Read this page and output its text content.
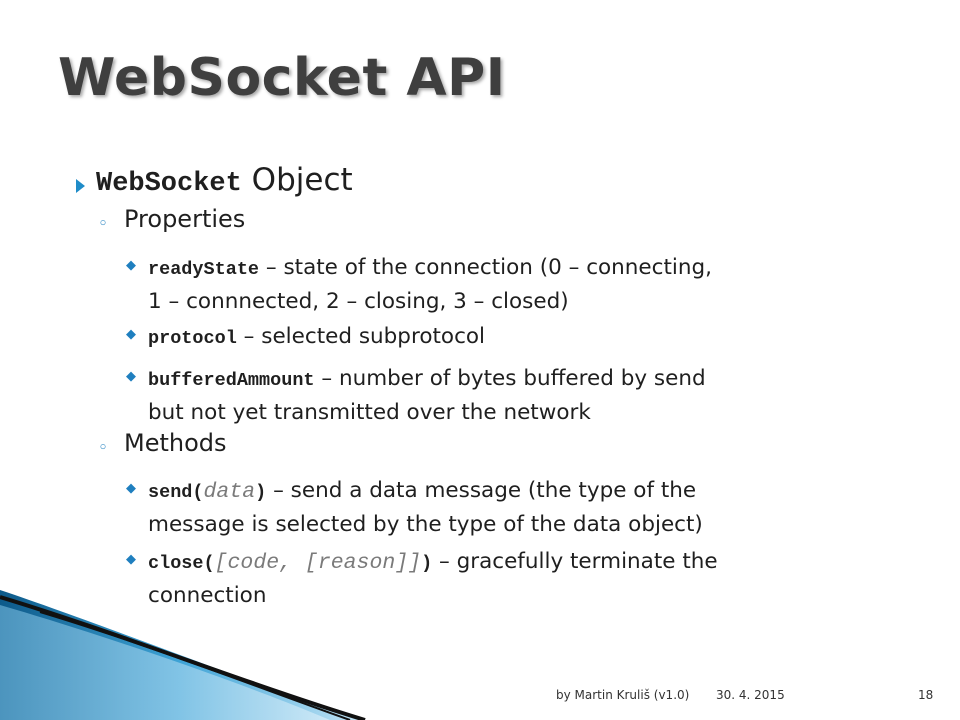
WebSocket API
WebSocket Object
◦ Properties
◆ readyState – state of the connection (0 – connecting,
1 – connnected, 2 – closing, 3 – closed)
◆ protocol – selected subprotocol
◆ bufferedAmmount – number of bytes buffered by send
but not yet transmitted over the network
◦ Methods
◆ send(data) – send a data message (the type of the
message is selected by the type of the data object)
◆ close([code, [reason]]) – gracefully terminate the
connection
by Martin Kruliš (v1.0) 30. 4. 2015	18
